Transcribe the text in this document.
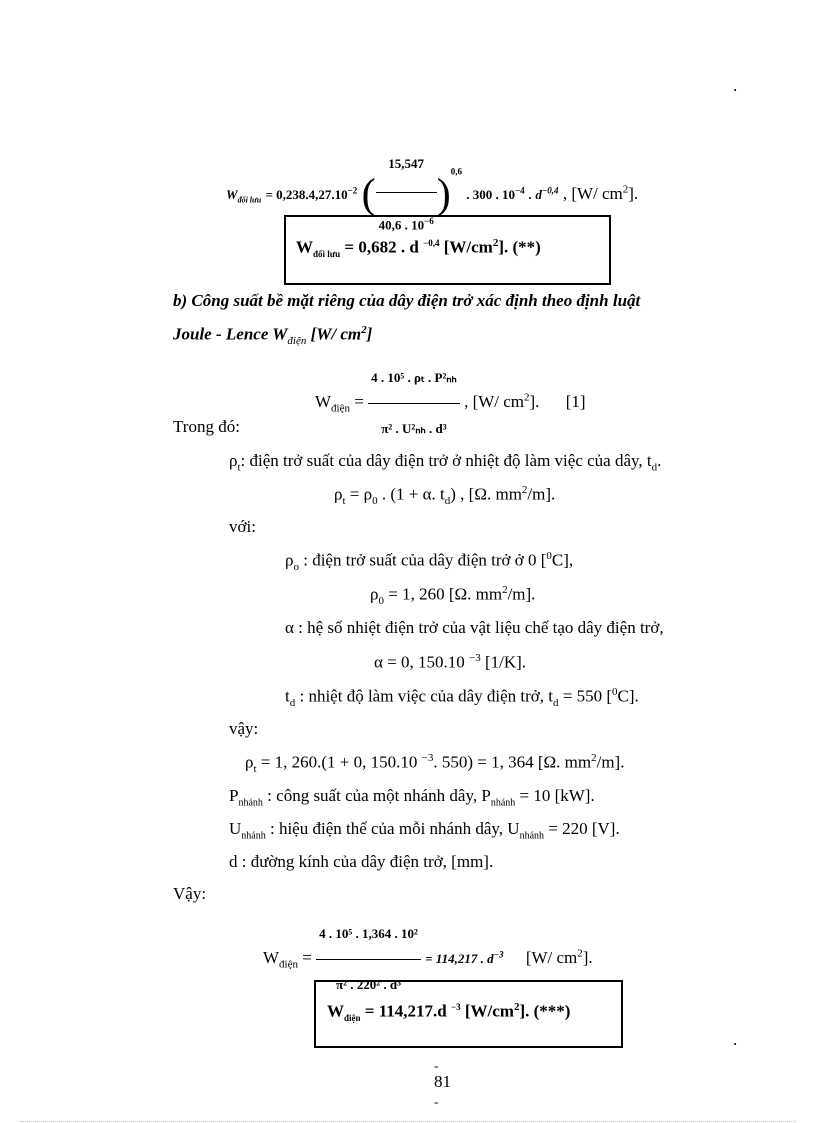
.
$W_{đối lưu} = 0,238.4,27.10^{-2}$ ( $\frac{15,547}{40,6 . 10^{-6}} )^{0,6}$ . 300 . $10^{-4}$ . $d^{-0,4}$ , [W/ $cm^2$].
$W_{đối lưu} = 0,682$ . d $^{-0,4}$ $[W/cm^2]$. (**)
b) Công suất bề mặt riêng của dây điện trở xác định theo định luật
Joule - Lence $W_{điện}$ [W/ $cm^2$]
$W_{điện} = \frac{\text{4 . 10⁵ . ρₜ . P²ₙₕ}}{\text{π² . U²ₙₕ . d³}}$ , [W/ $cm^2$]. [1]
Trong đó:
$\rho_t$: điện trở suất của dây điện trở ở nhiệt độ làm việc của dây, $t_d$.
$\rho_t = \rho_0$ . (1 + α. $t_d$) , [Ω. $mm^2/m$].
với:
$\rho_o$ : điện trở suất của dây điện trở ở 0 [$^0$C],
$\rho_0 = 1$, 260 [Ω. $mm^2/m$].
α : hệ số nhiệt điện trở của vật liệu chế tạo dây điện trở,
α = 0, 150.10 $^{-3}$ [1/K].
$t_d$ : nhiệt độ làm việc của dây điện trở, $t_d = 550$ [$^0$C].
vậy:
$\rho_t = 1$, 260.(1 + 0, 150.10 $^{-3}$. 550) = 1, 364 [Ω. $mm^2/m$].
$P_{nhánh}$ : công suất của một nhánh dây, $P_{nhánh} = 10$ [kW].
$U_{nhánh}$ : hiệu điện thế của mỗi nhánh dây, $U_{nhánh} = 220$ [V].
d : đường kính của dây điện trở, [mm].
Vậy:
$W_{điện} = \frac{\text{4 . 10⁵ . 1,364 . 10²}}{\text{π² . 220² . d³}} = 114,217$ . $d^{-3}$ [W/ $cm^2$].
$W_{điện} = 114,217.d$ $^{-3}$ $[W/cm^2]$. (***)
.
-
81
-
